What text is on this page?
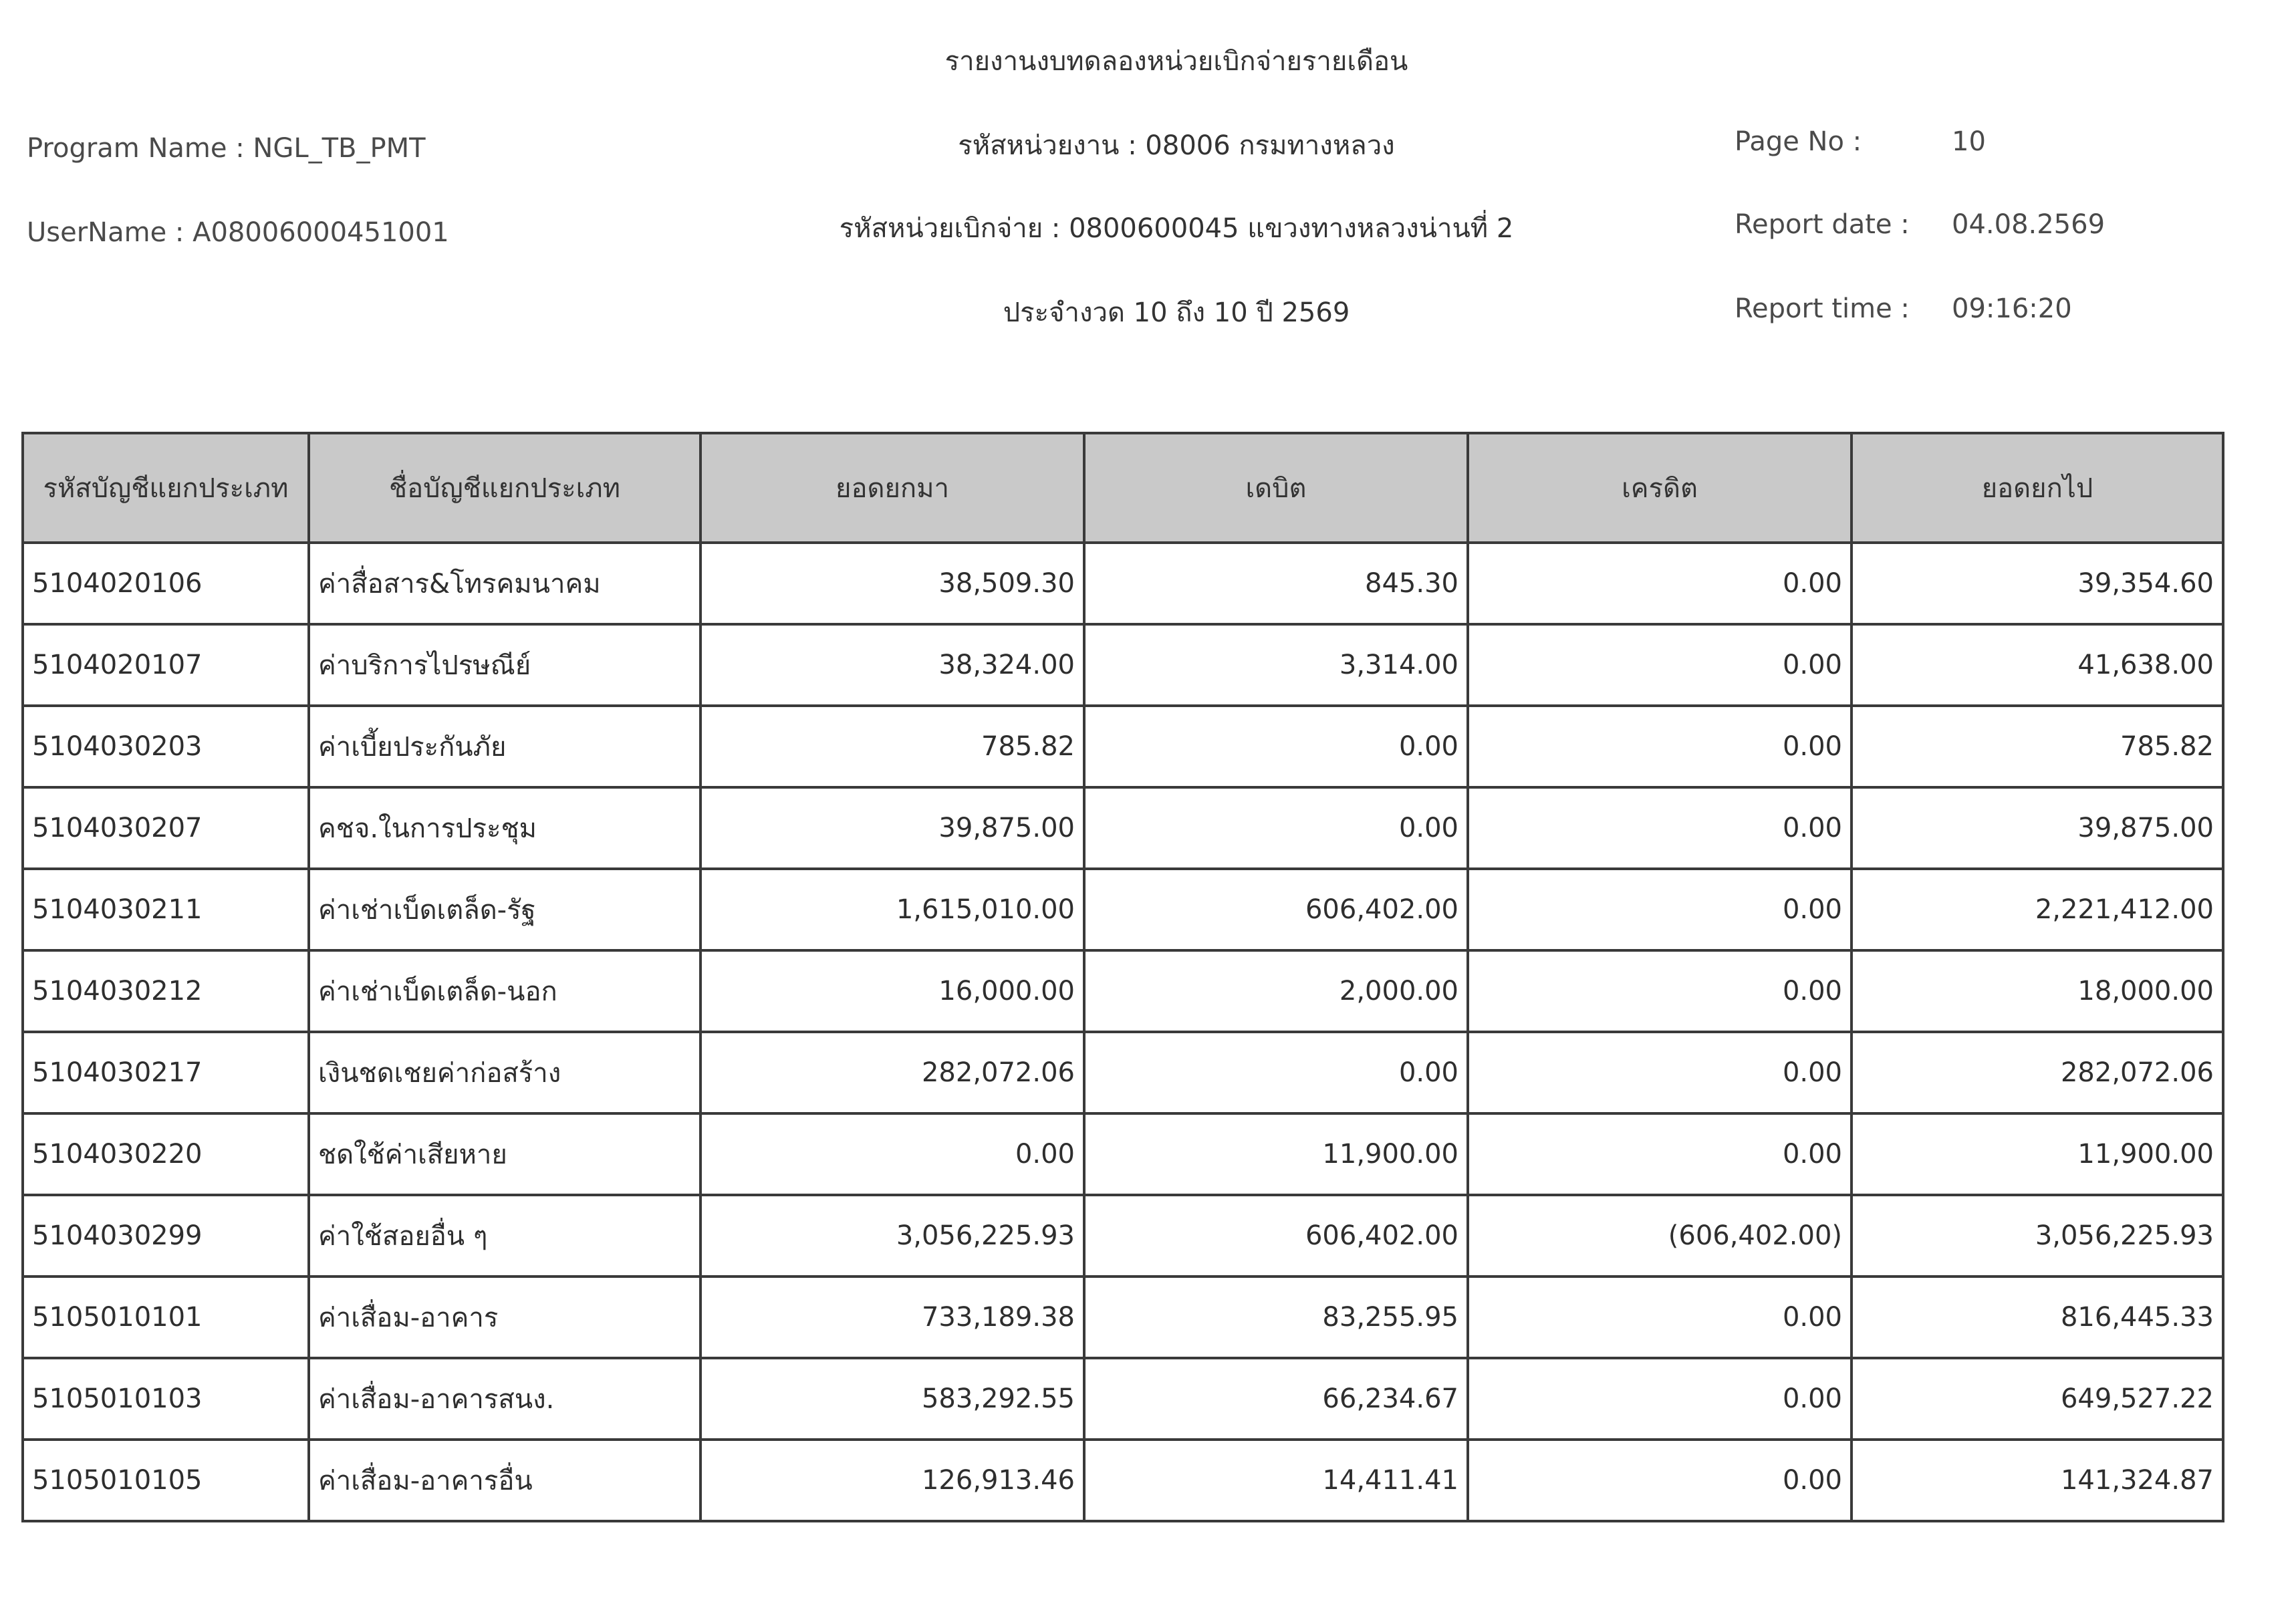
รายงานงบทดลองหน่วยเบิกจ่ายรายเดือน
Program Name : NGL_TB_PMT	รหัสหน่วยงาน : 08006 กรมทางหลวง	Page No :	10
UserName : A08006000451001	รหัสหน่วยเบิกจ่าย : 0800600045 แขวงทางหลวงน่านที่ 2	Report date : 04.08.2569
ประจำงวด 10 ถึง 10 ปี 2569	Report time : 09:16:20
รหัสบัญชีแยกประเภท	ชื่อบัญชีแยกประเภท	ยอดยกมา	เดบิต	เครดิต	ยอดยกไป
5104020106	ค่าสื่อสาร&โทรคมนาคม	38,509.30	845.30	0.00	39,354.60
5104020107	ค่าบริการไปรษณีย์	38,324.00	3,314.00	0.00	41,638.00
5104030203	ค่าเบี้ยประกันภัย	785.82	0.00	0.00	785.82
5104030207	คชจ.ในการประชุม	39,875.00	0.00	0.00	39,875.00
5104030211	ค่าเช่าเบ็ดเตล็ด-รัฐ	1,615,010.00	606,402.00	0.00	2,221,412.00
5104030212	ค่าเช่าเบ็ดเตล็ด-นอก	16,000.00	2,000.00	0.00	18,000.00
5104030217	เงินชดเชยค่าก่อสร้าง	282,072.06	0.00	0.00	282,072.06
5104030220	ชดใช้ค่าเสียหาย	0.00	11,900.00	0.00	11,900.00
5104030299	ค่าใช้สอยอื่น ๆ	3,056,225.93	606,402.00	(606,402.00)	3,056,225.93
5105010101	ค่าเสื่อม-อาคาร	733,189.38	83,255.95	0.00	816,445.33
5105010103	ค่าเสื่อม-อาคารสนง.	583,292.55	66,234.67	0.00	649,527.22
5105010105	ค่าเสื่อม-อาคารอื่น	126,913.46	14,411.41	0.00	141,324.87
